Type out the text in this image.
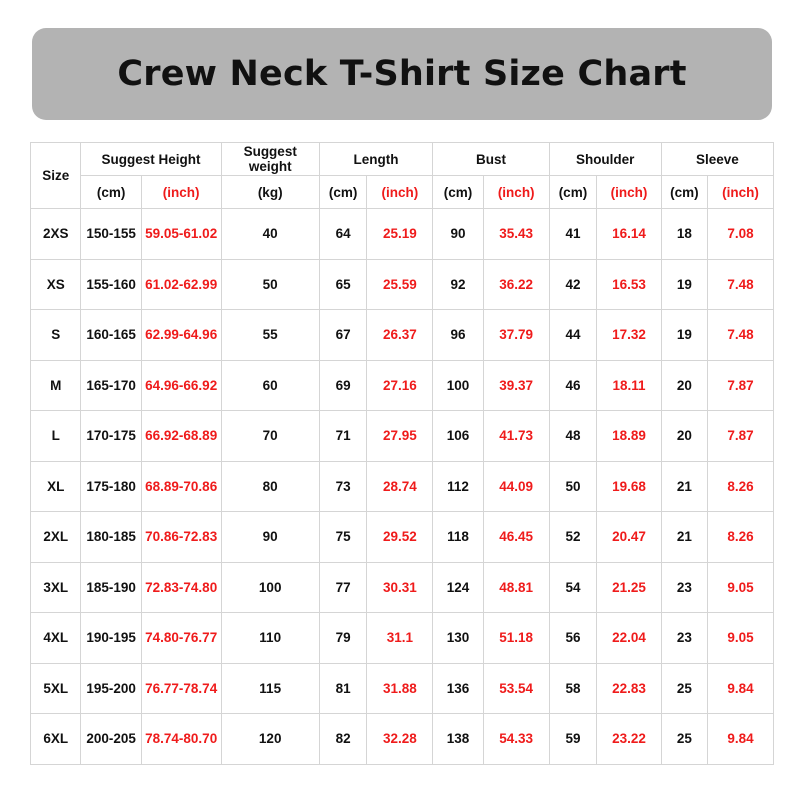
Crew Neck T-Shirt Size Chart
Size	Suggest Height		Suggest weight	Length		Bust		Shoulder		Sleeve	
	(cm)	(inch)	(kg)	(cm)	(inch)	(cm)	(inch)	(cm)	(inch)	(cm)	(inch)
2XS	150-155	59.05-61.02	40	64	25.19	90	35.43	41	16.14	18	7.08
XS	155-160	61.02-62.99	50	65	25.59	92	36.22	42	16.53	19	7.48
S	160-165	62.99-64.96	55	67	26.37	96	37.79	44	17.32	19	7.48
M	165-170	64.96-66.92	60	69	27.16	100	39.37	46	18.11	20	7.87
L	170-175	66.92-68.89	70	71	27.95	106	41.73	48	18.89	20	7.87
XL	175-180	68.89-70.86	80	73	28.74	112	44.09	50	19.68	21	8.26
2XL	180-185	70.86-72.83	90	75	29.52	118	46.45	52	20.47	21	8.26
3XL	185-190	72.83-74.80	100	77	30.31	124	48.81	54	21.25	23	9.05
4XL	190-195	74.80-76.77	110	79	31.1	130	51.18	56	22.04	23	9.05
5XL	195-200	76.77-78.74	115	81	31.88	136	53.54	58	22.83	25	9.84
6XL	200-205	78.74-80.70	120	82	32.28	138	54.33	59	23.22	25	9.84
